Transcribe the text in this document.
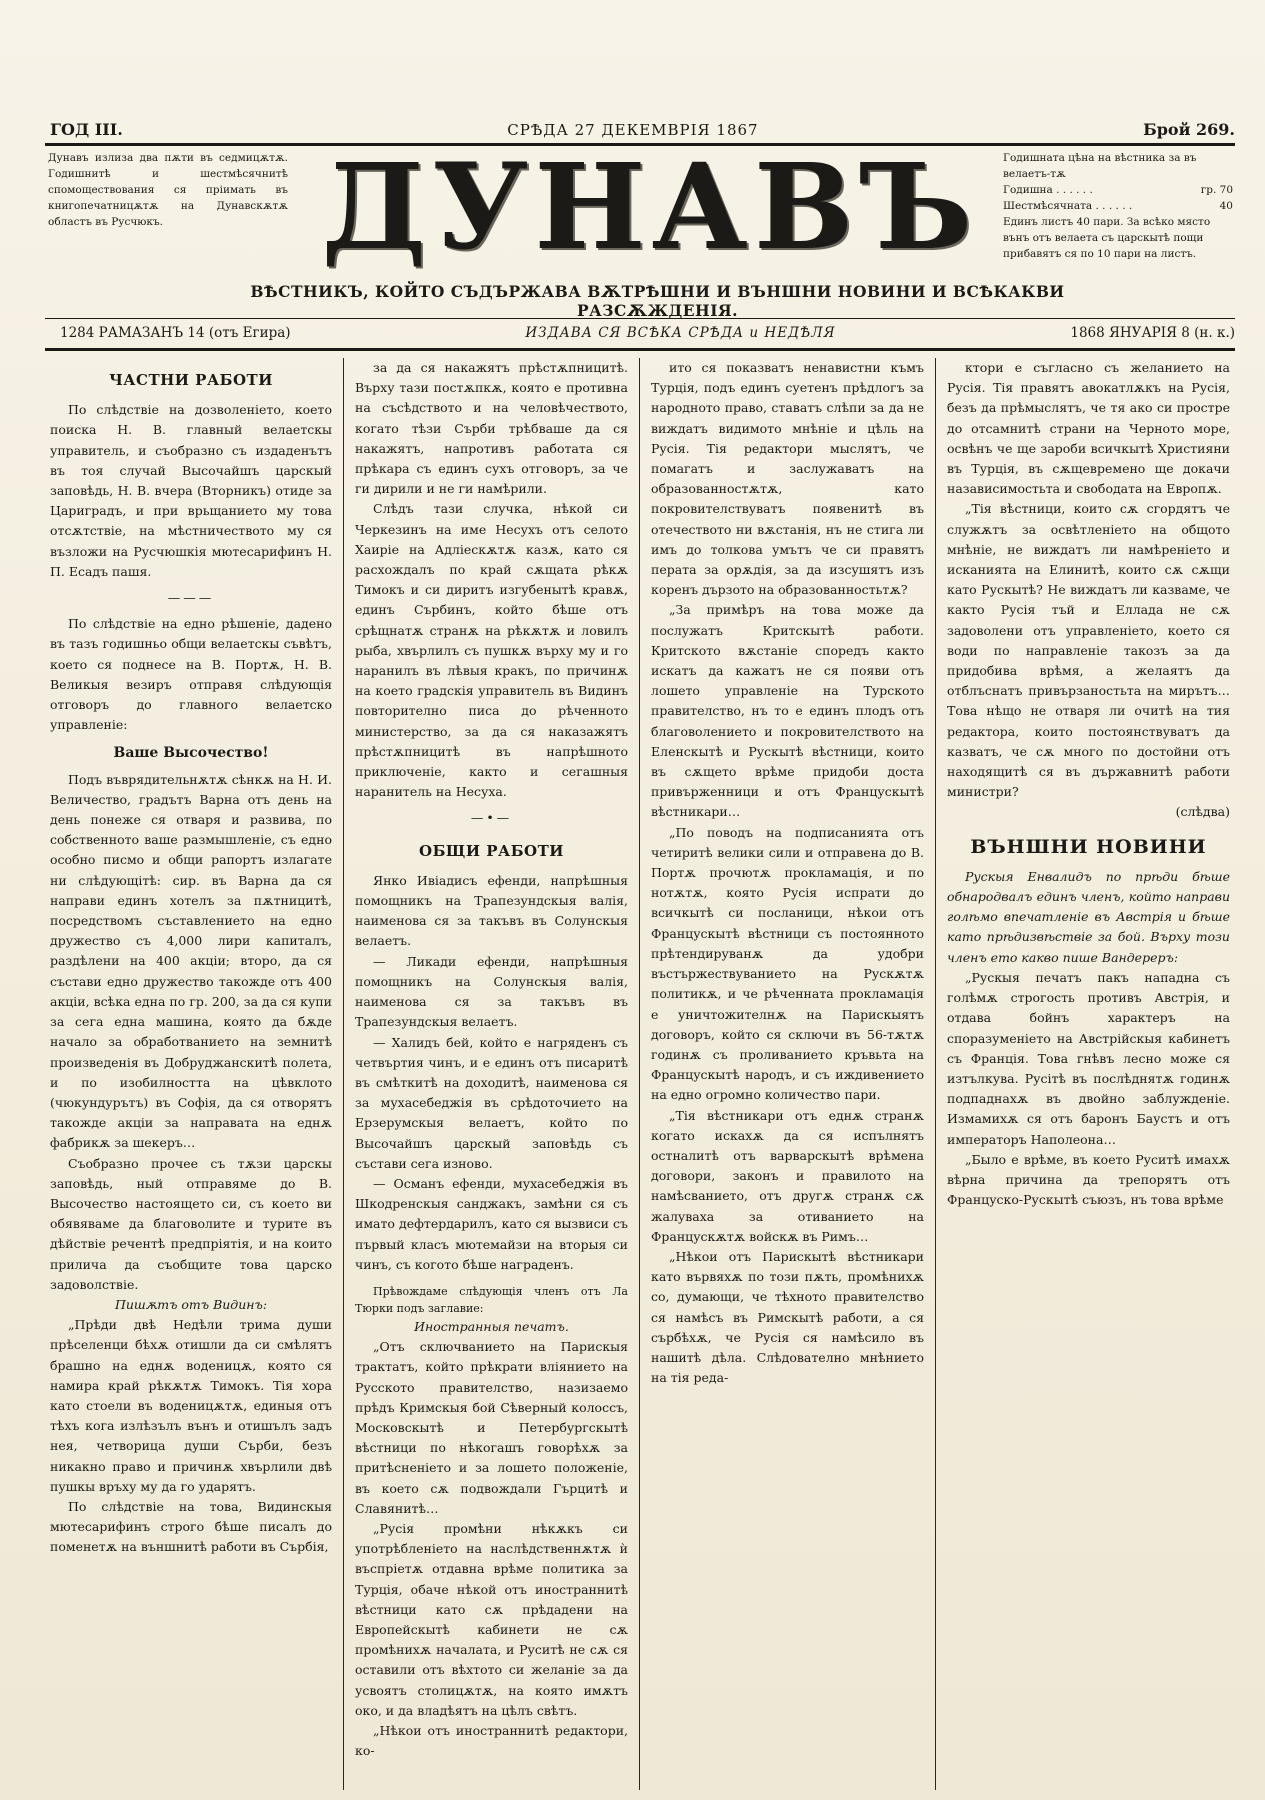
ГОД III.	СРѢДА 27 ДЕКЕМВРІЯ 1867	Брой 269.
Дунавъ излиза два пѫти въ седмицѫтѫ. Годишнитѣ и шестмѣсячнитѣ спомоществования ся пріимать въ книгопечатницѫтѫ на Дунавскѫтѫ областъ въ Русчюкъ.	ДУНАВЪ	Годишната цѣна на вѣстника за въ велаетъ-тѫ
Годишна . . . . . .	гр. 70
Шестмѣсячната . . . . . .	40
Единъ листъ 40 пари. За всѣко място вънъ отъ велаета съ царскытѣ пощи прибавятъ ся по 10 пари на листъ.
ВѢСТНИКЪ, КОЙТО СЪДЪРЖАВА ВѪТРѢШНИ И ВЪНШНИ НОВИНИ И ВСѢКАКВИ РАЗСѪЖДЕНІЯ.
1284 РАМАЗАНЪ 14 (отъ Егира)	ИЗДАВА СЯ ВСѢКА СРѢДА и НЕДѢЛЯ	1868 ЯНУАРІЯ 8 (н. к.)
ЧАСТНИ РАБОТИ

По слѣдствіе на дозволеніето, което поиска Н. В. главный велаетскы управитель, и съобразно съ издаденътъ въ тоя случай Высочайшъ царскый заповѣдь, Н. В. вчера (Вторникъ) отиде за Цариградъ, и при врьщанието му това отсѫтствіе, на мѣстничеството му ся възложи на Русчюшкія мютесарифинъ Н. П. Есадъ пашя.

———

По слѣдствіе на едно рѣшеніе, дадено въ тазъ годишньо общи велаетскы съвѣтъ, което ся поднесе на В. Портѫ, Н. В. Великыя везиръ отправя слѣдующія отговоръ до главного велаетско управленіе:

Ваше Высочество!

Подъ въврядительнѫтѫ сѣнкѫ на Н. И. Величество, градътъ Варна отъ день на день понеже ся отваря и развива, по собственното ваше размышленіе, съ едно особно писмо и общи рапортъ излагате ни слѣдующітѣ: сир. въ Варна да ся направи единъ хотелъ за пѫтницитѣ, посредствомъ съставлението на едно дружество съ 4,000 лири капиталъ, раздѣлени на 400 акціи; второ, да ся състави едно дружество такожде отъ 400 акціи, всѣка една по гр. 200, за да ся купи за сега една машина, която да бѫде начало за обработванието на земнитѣ произведенія въ Добруджанскитѣ полета, и по изобилността на цѣвклото (чюкундурътъ) въ Софія, да ся отворятъ такожде акціи за направата на еднѫ фабрикѫ за шекеръ…

Съобразно прочее съ тѫзи царскы заповѣдь, ный отправяме до В. Высочество настоящето си, съ което ви обявяваме да благоволите и турите въ дѣйствіе речентѣ предпріятія, и на които прилича да съобщите това царско задоволствіе.

Пишѫтъ отъ Видинъ:

„Прѣди двѣ Недѣли трима души прѣселенци бѣхѫ отишли да си смѣлятъ брашно на еднѫ воденицѫ, която ся намира край рѣкѫтѫ Тимокъ. Тія хора като стоели въ воденицѫтѫ, единыя отъ тѣхъ кога излѣзълъ вънъ и отишълъ задъ нея, четворица души Сърби, безъ никакно право и причинѫ хвърлили двѣ пушкы връху му да го ударятъ.

По слѣдствіе на това, Видинскыя мютесарифинъ строго бѣше писалъ до поменетѫ на външнитѣ работи въ Сърбія,

за да ся накажятъ прѣстѫпницитѣ. Върху тази постѫпкѫ, която е противна на съсѣдството и на человѣчеството, когато тѣзи Сърби трѣбваше да ся накажятъ, напротивъ работата ся прѣкара съ единъ сухъ отговоръ, за че ги дирили и не ги намѣрили.

Слѣдъ тази случка, нѣкой си Черкезинъ на име Несухъ отъ селото Хаиріе на Адліескѫтѫ казѫ, като ся расхождалъ по край сѫщата рѣкѫ Тимокъ и си диритъ изгубенытѣ кравѫ, единъ Сърбинъ, който бѣше отъ срѣщнатѫ странѫ на рѣкѫтѫ и ловилъ рыба, хвърлилъ съ пушкѫ върху му и го наранилъ въ лѣвыя кракъ, по причинѫ на което градскія управитель въ Видинъ повторително писа до рѣченното министерство, за да ся наказажятъ прѣстѫпницитѣ въ напрѣшното приключеніе, както и сегашныя наранитель на Несуха.

—•—

ОБЩИ РАБОТИ

Янко Ивіадисъ ефенди, напрѣшныя помощникъ на Трапезундскыя валія, наименова ся за такъвъ въ Солунскыя велаетъ.

— Ликади ефенди, напрѣшныя помощникъ на Солунскыя валія, наименова ся за такъвъ въ Трапезундскыя велаетъ.

— Халидъ бей, който е нагряденъ съ четвъртия чинъ, и е единъ отъ писаритѣ въ смѣткитѣ на доходитѣ, наименова ся за мухасебеджія въ срѣдоточието на Ерзерумскыя велаетъ, който по Высочайшъ царскый заповѣдь съ състави сега изново.

— Османъ ефенди, мухасебеджія въ Шкодренскыя санджакъ, замѣни ся съ имато дефтердарилъ, като ся вызвиси съ първый класъ мютемайзи на вторыя си чинъ, съ когото бѣше награденъ.

Прѣвождаме слѣдующія членъ отъ Ла Тюрки подъ заглавие:

Иностранныя печатъ.

„Отъ сключванието на Парискыя трактатъ, който прѣкрати вліянието на Русското правителство, назизаемо прѣдъ Кримскыя бой Сѣверный колоссъ, Московскытѣ и Петербургскытѣ вѣстници по нѣкогашъ говорѣхѫ за притѣсненіето и за лошето положеніе, въ което сѫ подвождали Гърцитѣ и Славянитѣ…

„Русія промѣни нѣкѫкъ си употрѣбленіето на наслѣдственнѫтѫ ѝ въспріетѫ отдавна врѣме политика за Турція, обаче нѣкой отъ иностраннитѣ вѣстници като сѫ прѣдадени на Европейскытѣ кабинети не сѫ промѣнихѫ началата, и Руситѣ не сѫ ся оставили отъ вѣхтото си желаніе за да усвоятъ столицѫтѫ, на която имѫтъ око, и да владѣятъ на цѣлъ свѣтъ.

„Нѣкои отъ иностраннитѣ редактори, ко-

ито ся показватъ ненавистни къмъ Турція, подъ единъ суетенъ прѣдлогъ за народното право, ставатъ слѣпи за да не виждатъ видимото мнѣніе и цѣль на Русія. Тія редактори мыслятъ, че помагатъ и заслужаватъ на образованностѫтѫ, като покровителствуватъ появенитѣ въ отечеството ни вѫстанія, нъ не стига ли имъ до толкова умътъ че си правятъ перата за орѫдія, за да изсушятъ изъ коренъ дързото на образованностьтѫ?

„За примѣръ на това може да послужатъ Критскытѣ работи. Критското вѫстаніе споредъ както искатъ да кажатъ не ся появи отъ лошето управленіе на Турското правителство, нъ то е единъ плодъ отъ благоволението и покровителството на Еленскытѣ и Рускытѣ вѣстници, които въ сѫщето врѣме придоби доста привърженници и отъ Францускытѣ вѣстникари…

„По поводъ на подписанията отъ четиритѣ велики сили и отправена до В. Портѫ прочютѫ прокламація, и по нотѫтѫ, която Русія испрати до всичкытѣ си посланици, нѣкои отъ Францускытѣ вѣстници съ постоянното прѣтендируванѫ да удобри въстържествуванието на Рускѫтѫ политикѫ, и че рѣченната прокламація е уничтожителнѫ на Парискыятъ договоръ, който ся сключи въ 56-тѫтѫ годинѫ съ проливанието кръвьта на Францускытѣ народъ, и съ иждивението на едно огромно количество пари.

„Тія вѣстникари отъ еднѫ странѫ когато искахѫ да ся испълнятъ остналитѣ отъ варварскытѣ врѣмена договори, законъ и правилото на намѣсванието, отъ другѫ странѫ сѫ жалуваха за отиванието на Францускѫтѫ войскѫ въ Римъ…

„Нѣкои отъ Парискытѣ вѣстникари като вървяхѫ по този пѫть, промѣнихѫ со, думающи, че тѣхното правителство ся намѣсъ въ Римскытѣ работи, а ся сърбѣхѫ, че Русія ся намѣсило въ нашитѣ дѣла. Слѣдователно мнѣнието на тія реда-

ктори е съгласно съ желанието на Русія. Тія правятъ авокатлѫкъ на Русія, безъ да прѣмыслятъ, че тя ако си простре до отсамнитѣ страни на Черното море, освѣнъ че ще зароби всичкытѣ Християни въ Турція, въ сѫщевремено ще докачи назависимостьта и свободата на Европѫ.

„Тія вѣстници, които сѫ сгордятъ че служѫтъ за освѣтленіето на общото мнѣніе, не виждатъ ли намѣреніето и исканията на Елинитѣ, които сѫ сѫщи като Рускытѣ? Не виждатъ ли казваме, че както Русія тъй и Еллада не сѫ задоволени отъ управленіето, което ся води по направленіе такозъ за да придобива врѣмя, а желаятъ да отблъснатъ привързаностьта на мирътъ… Това нѣщо не отваря ли очитѣ на тия редактора, които постоянствуватъ да казватъ, че сѫ много по достойни отъ находящитѣ ся въ държавнитѣ работи министри?

(слѣдва)

ВЪНШНИ НОВИНИ

Рускыя Енвалидъ по прѣди бѣше обнародвалъ единъ членъ, който направи голѣмо впечатленіе въ Австрія и бѣше като прѣдизвѣствіе за бой. Върху този членъ ето какво пише Вандереръ:

„Рускыя печатъ пакъ нападна съ голѣмѫ строгость противъ Австрія, и отдава бойнъ характеръ на споразуменіето на Австрійскыя кабинетъ съ Франція. Това гнѣвъ лесно може ся изтълкува. Русітѣ въ послѣднятѫ годинѫ подпаднахѫ въ двойно заблужденіе. Измамихѫ ся отъ баронъ Баустъ и отъ императоръ Наполеона…

„Было е врѣме, въ което Руситѣ имахѫ вѣрна причина да трепорятъ отъ Францускo-Рускытѣ съюзъ, нъ това врѣме
